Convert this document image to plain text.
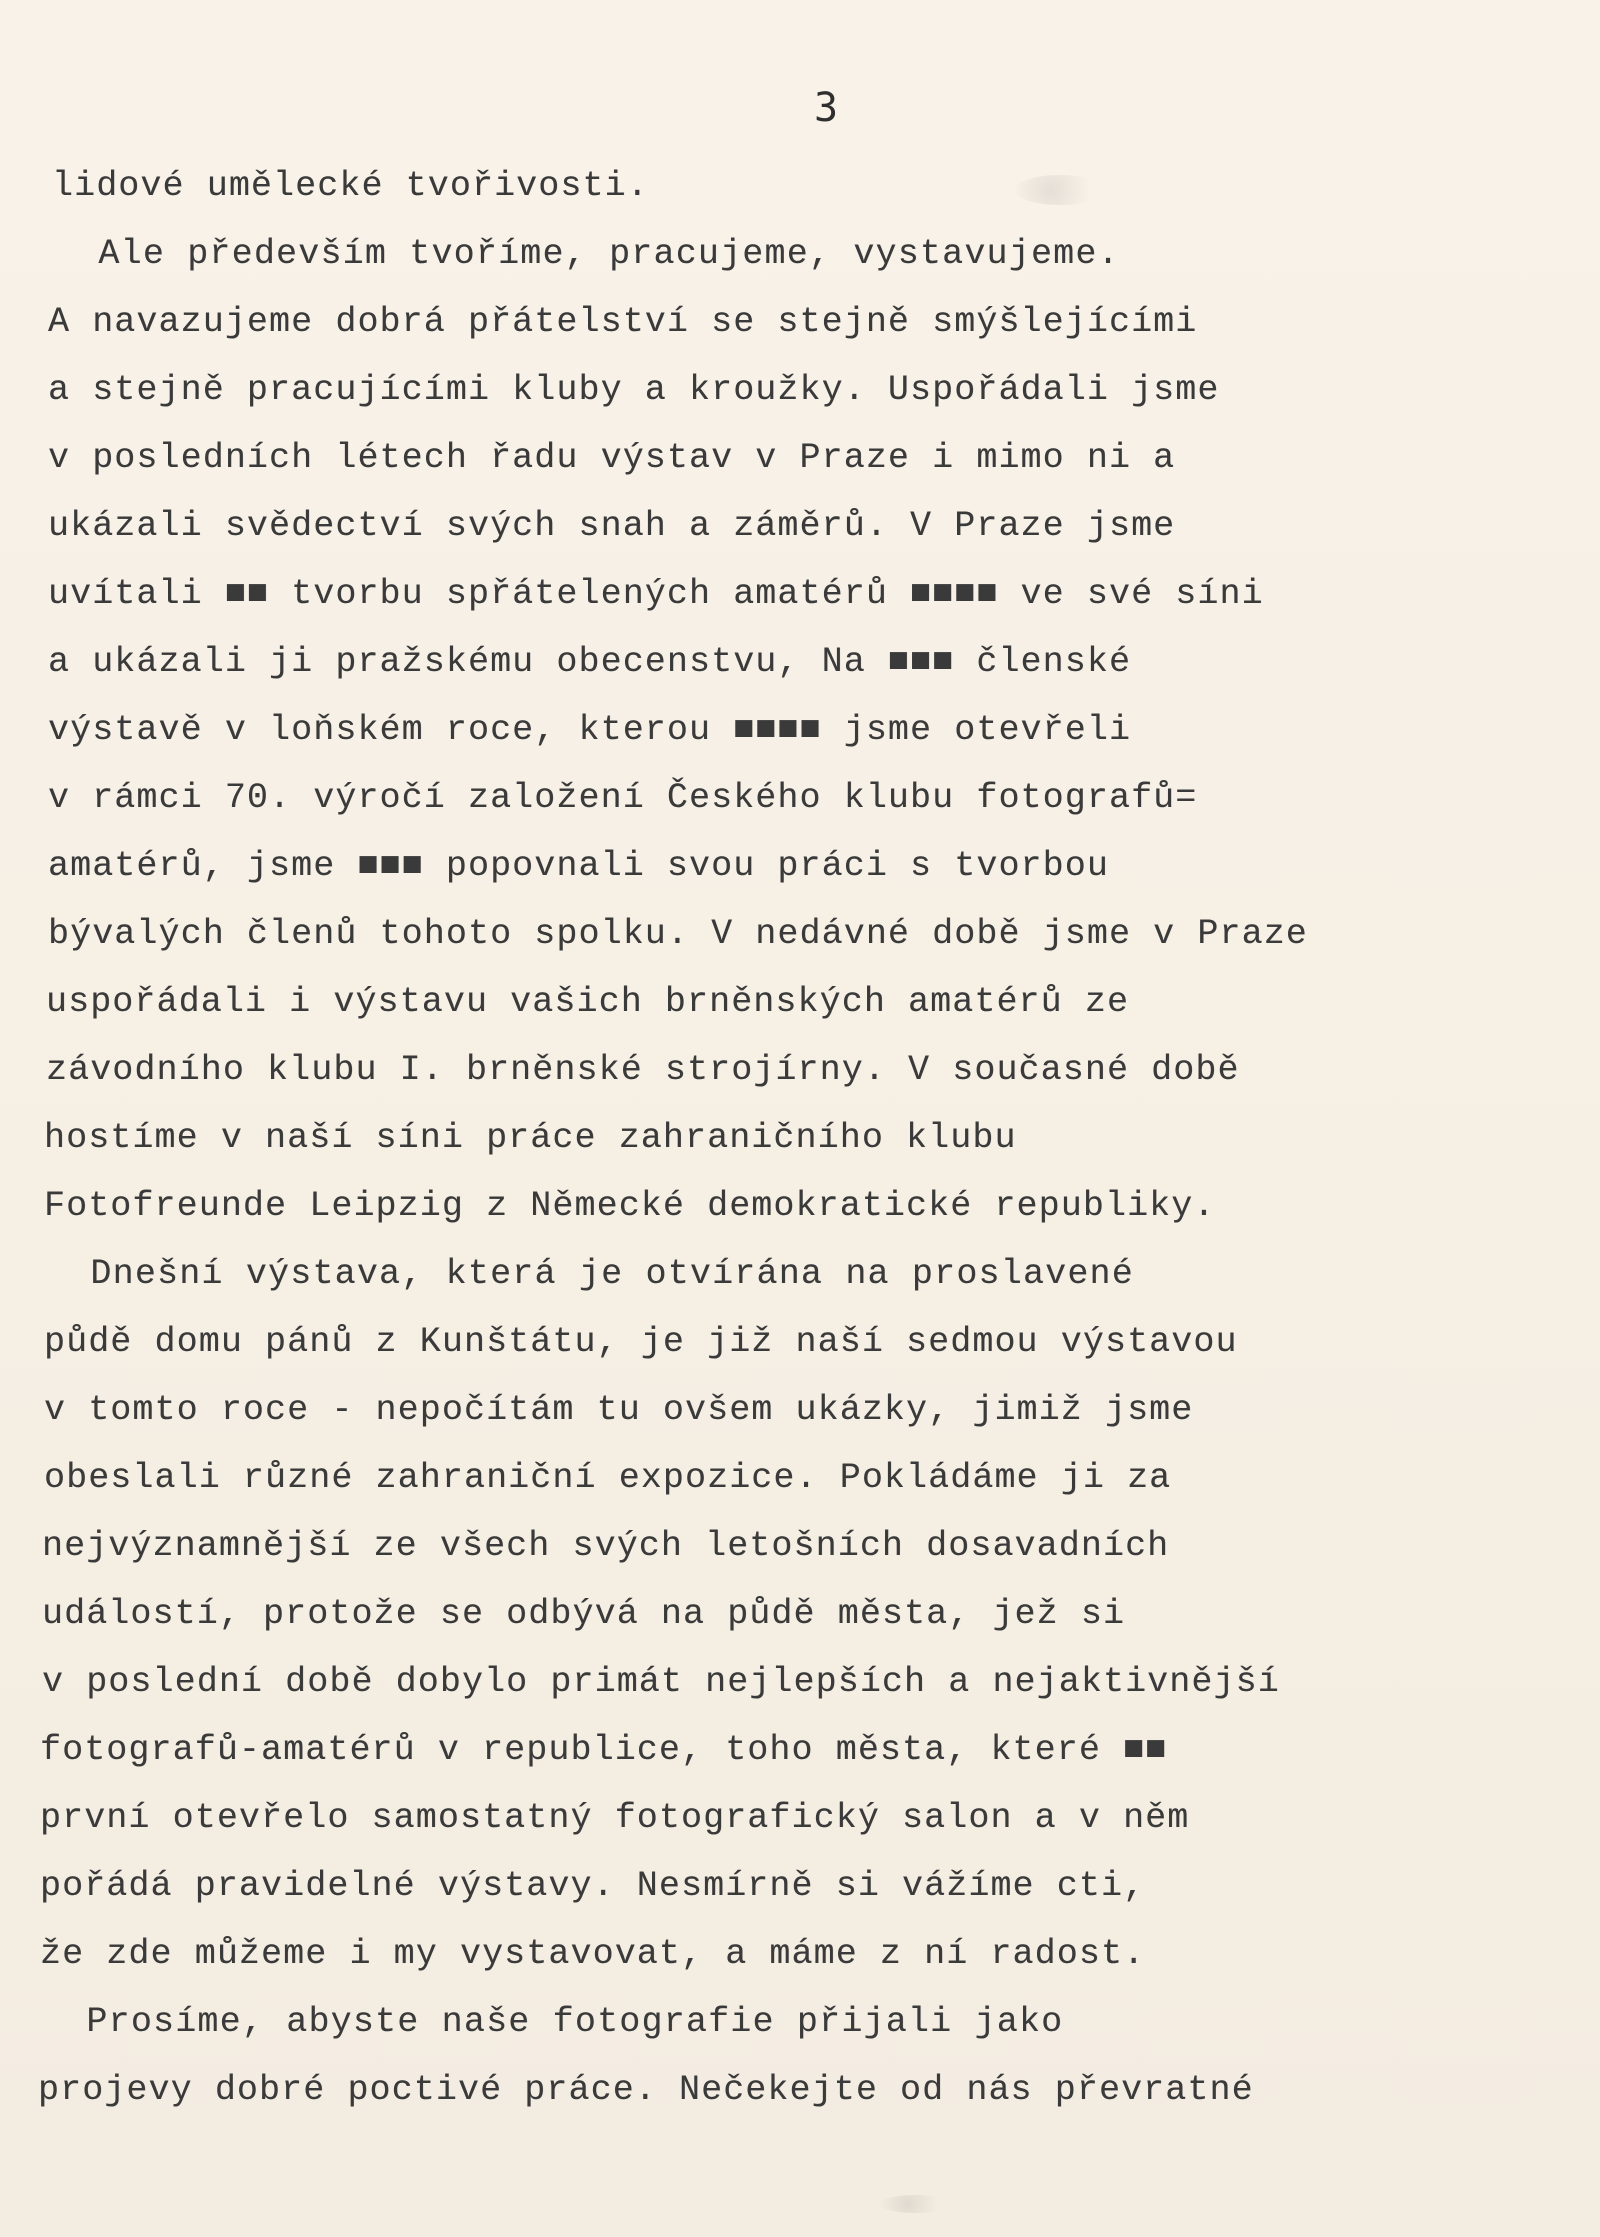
3
lidové umělecké tvořivosti.
Ale především tvoříme, pracujeme, vystavujeme.
A navazujeme dobrá přátelství se stejně smýšlejícími
a stejně pracujícími kluby a kroužky. Uspořádali jsme
v posledních létech řadu výstav v Praze i mimo ni a
ukázali svědectví svých snah a záměrů. V Praze jsme
uvítali ■■ tvorbu spřátelených amatérů ■■■■ ve své síni
a ukázali ji pražskému obecenstvu, Na ■■■ členské
výstavě v loňském roce, kterou ■■■■ jsme otevřeli
v rámci 70. výročí založení Českého klubu fotografů=
amatérů, jsme ■■■ popovnali svou práci s tvorbou
bývalých členů tohoto spolku. V nedávné době jsme v Praze
uspořádali i výstavu vašich brněnských amatérů ze
závodního klubu I. brněnské strojírny. V současné době
hostíme v naší síni práce zahraničního klubu
Fotofreunde Leipzig z Německé demokratické republiky.
Dnešní výstava, která je otvírána na proslavené
půdě domu pánů z Kunštátu, je již naší sedmou výstavou
v tomto roce - nepočítám tu ovšem ukázky, jimiž jsme
obeslali různé zahraniční expozice. Pokládáme ji za
nejvýznamnější ze všech svých letošních dosavadních
událostí, protože se odbývá na půdě města, jež si
v poslední době dobylo primát nejlepších a nejaktivnější
fotografů-amatérů v republice, toho města, které ■■
první otevřelo samostatný fotografický salon a v něm
pořádá pravidelné výstavy. Nesmírně si vážíme cti,
že zde můžeme i my vystavovat, a máme z ní radost.
Prosíme, abyste naše fotografie přijali jako
projevy dobré poctivé práce. Nečekejte od nás převratné
